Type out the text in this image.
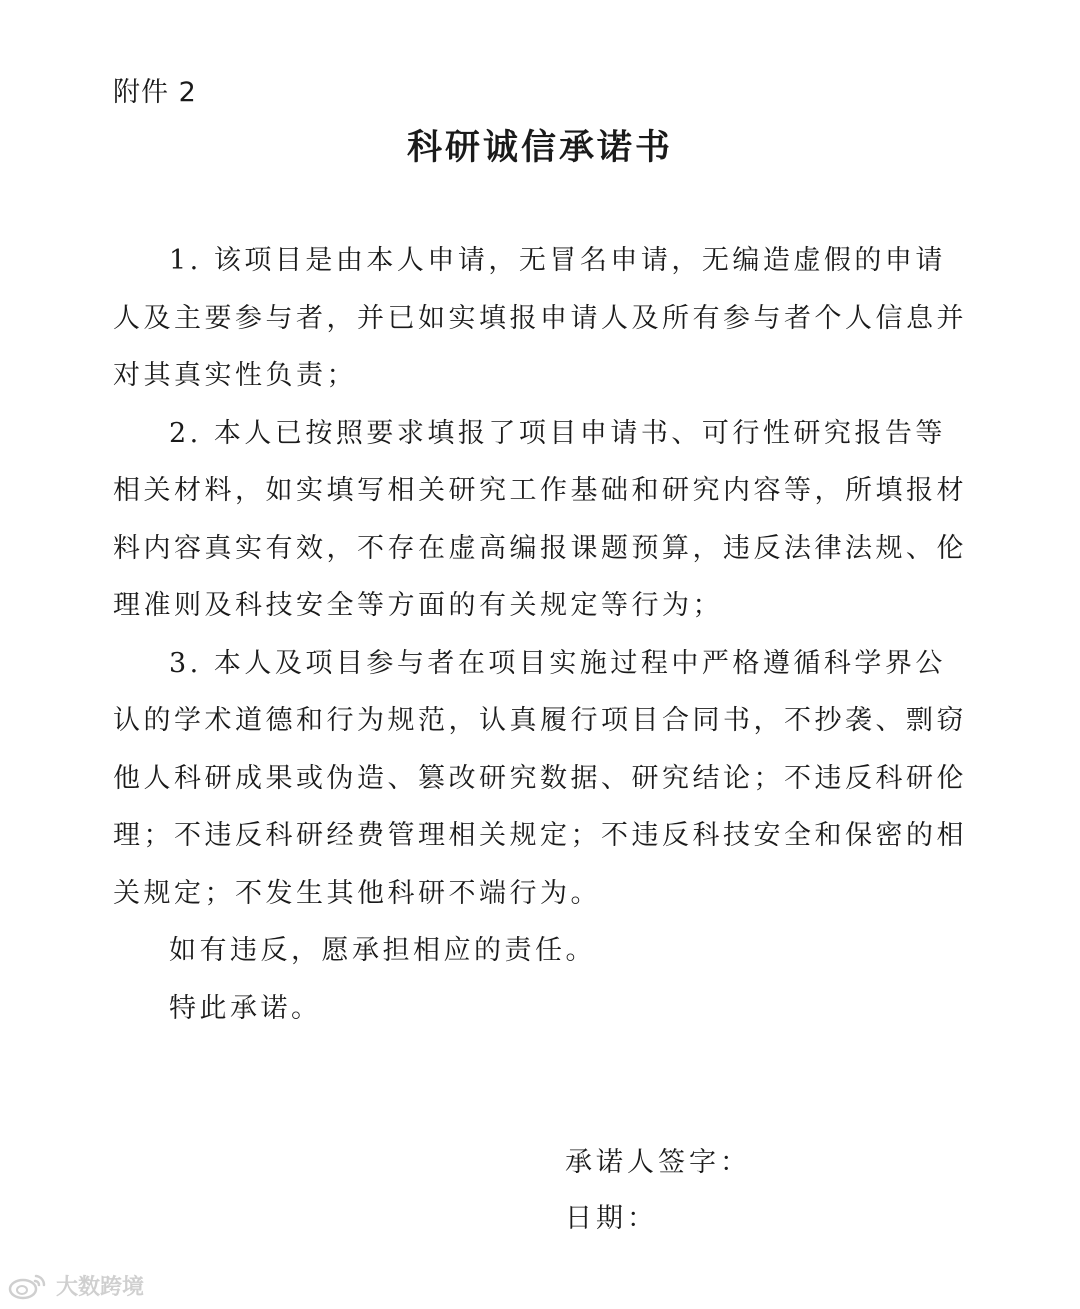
附件 2
科研诚信承诺书

1. 该项目是由本人申请，无冒名申请，无编造虚假的申请人及主要参与者，并已如实填报申请人及所有参与者个人信息并对其真实性负责；

2. 本人已按照要求填报了项目申请书、可行性研究报告等相关材料，如实填写相关研究工作基础和研究内容等，所填报材料内容真实有效，不存在虚高编报课题预算，违反法律法规、伦理准则及科技安全等方面的有关规定等行为；

3. 本人及项目参与者在项目实施过程中严格遵循科学界公认的学术道德和行为规范，认真履行项目合同书，不抄袭、剽窃他人科研成果或伪造、篡改研究数据、研究结论；不违反科研伦理；不违反科研经费管理相关规定；不违反科技安全和保密的相关规定；不发生其他科研不端行为。

如有违反，愿承担相应的责任。

特此承诺。

承诺人签字：
日期：
大数跨境
